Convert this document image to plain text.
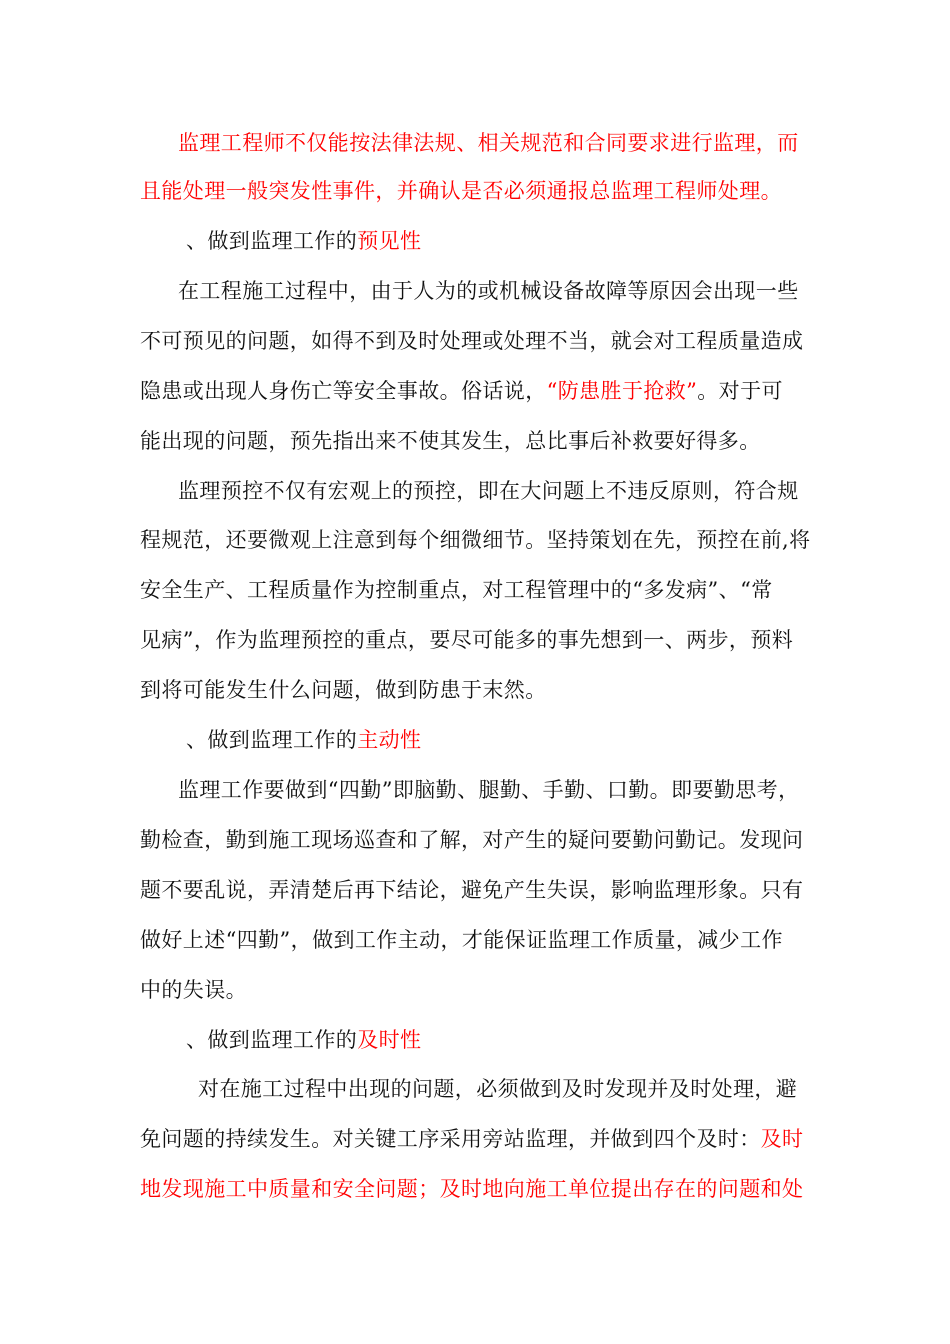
监理工程师不仅能按法律法规、相关规范和合同要求进行监理，而
且能处理一般突发性事件，并确认是否必须通报总监理工程师处理。
、做到监理工作的预见性
在工程施工过程中，由于人为的或机械设备故障等原因会出现一些
不可预见的问题，如得不到及时处理或处理不当，就会对工程质量造成
隐患或出现人身伤亡等安全事故。俗话说，“防患胜于抢救”。对于可
能出现的问题，预先指出来不使其发生，总比事后补救要好得多。
监理预控不仅有宏观上的预控，即在大问题上不违反原则，符合规
程规范，还要微观上注意到每个细微细节。坚持策划在先，预控在前,将
安全生产、工程质量作为控制重点，对工程管理中的“多发病”、“常
见病”，作为监理预控的重点，要尽可能多的事先想到一、两步，预料
到将可能发生什么问题，做到防患于末然。
、做到监理工作的主动性
监理工作要做到“四勤”即脑勤、腿勤、手勤、口勤。即要勤思考，
勤检查，勤到施工现场巡查和了解，对产生的疑问要勤问勤记。发现问
题不要乱说，弄清楚后再下结论，避免产生失误，影响监理形象。只有
做好上述“四勤”，做到工作主动，才能保证监理工作质量，减少工作
中的失误。
、做到监理工作的及时性
对在施工过程中出现的问题，必须做到及时发现并及时处理，避
免问题的持续发生。对关键工序采用旁站监理，并做到四个及时：及时
地发现施工中质量和安全问题；及时地向施工单位提出存在的问题和处
